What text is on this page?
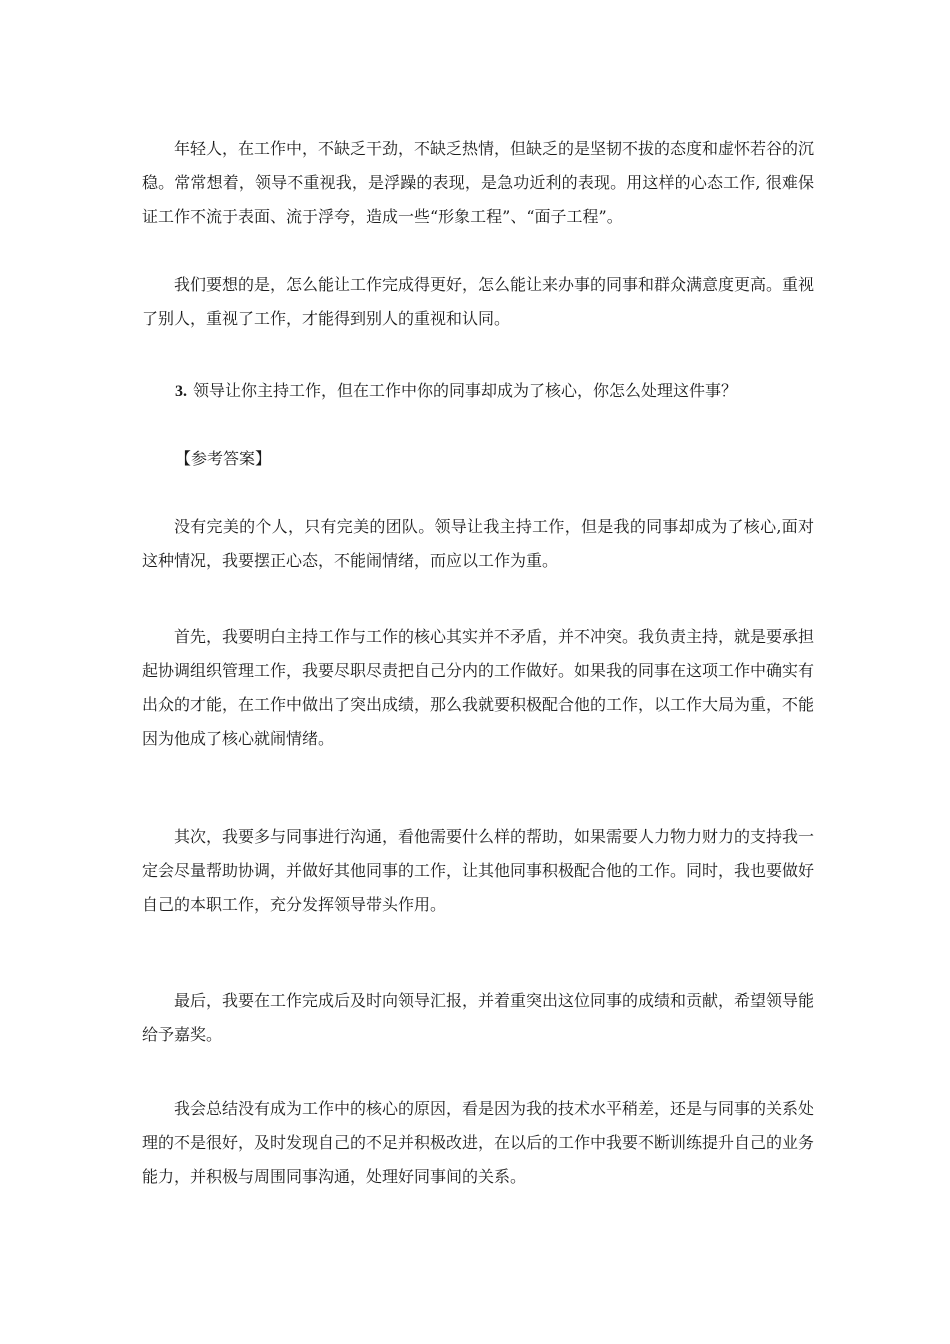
年轻人，在工作中，不缺乏干劲，不缺乏热情，但缺乏的是坚韧不拔的态度和虚怀若谷的沉稳。常常想着，领导不重视我，是浮躁的表现，是急功近利的表现。用这样的心态工作, 很难保证工作不流于表面、流于浮夸，造成一些“形象工程”、“面子工程”。

我们要想的是，怎么能让工作完成得更好，怎么能让来办事的同事和群众满意度更高。重视了别人，重视了工作，才能得到别人的重视和认同。

3. 领导让你主持工作，但在工作中你的同事却成为了核心，你怎么处理这件事？

【参考答案】

没有完美的个人，只有完美的团队。领导让我主持工作，但是我的同事却成为了核心,面对这种情况，我要摆正心态，不能闹情绪，而应以工作为重。

首先，我要明白主持工作与工作的核心其实并不矛盾，并不冲突。我负责主持，就是要承担起协调组织管理工作，我要尽职尽责把自己分内的工作做好。如果我的同事在这项工作中确实有出众的才能，在工作中做出了突出成绩，那么我就要积极配合他的工作，以工作大局为重，不能因为他成了核心就闹情绪。

其次，我要多与同事进行沟通，看他需要什么样的帮助，如果需要人力物力财力的支持我一定会尽量帮助协调，并做好其他同事的工作，让其他同事积极配合他的工作。同时，我也要做好自己的本职工作，充分发挥领导带头作用。

最后，我要在工作完成后及时向领导汇报，并着重突出这位同事的成绩和贡献，希望领导能给予嘉奖。

我会总结没有成为工作中的核心的原因，看是因为我的技术水平稍差，还是与同事的关系处理的不是很好，及时发现自己的不足并积极改进，在以后的工作中我要不断训练提升自己的业务能力，并积极与周围同事沟通，处理好同事间的关系。
